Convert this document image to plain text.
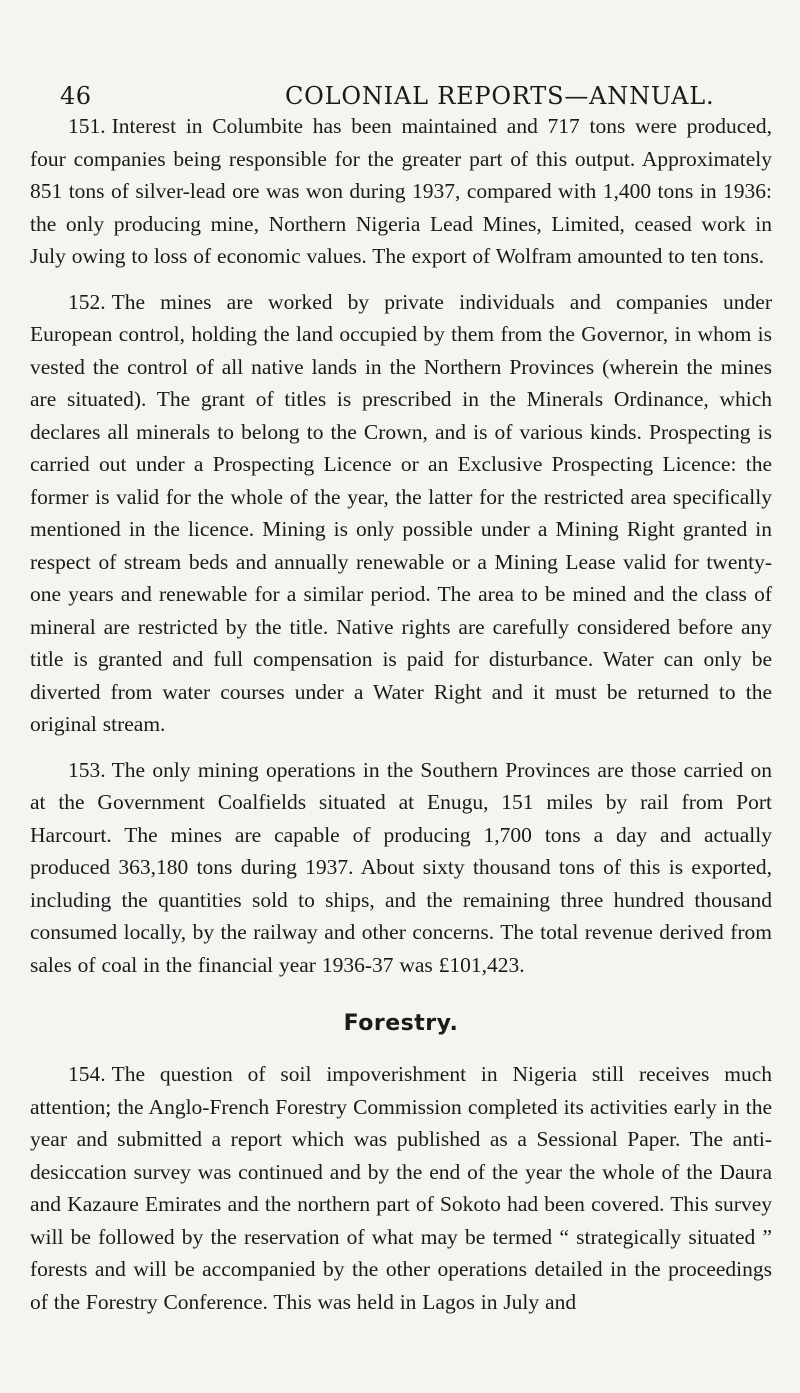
46	COLONIAL REPORTS—ANNUAL.

151. Interest in Columbite has been maintained and 717 tons were produced, four companies being responsible for the greater part of this output. Approximately 851 tons of silver-lead ore was won during 1937, compared with 1,400 tons in 1936: the only producing mine, Northern Nigeria Lead Mines, Limited, ceased work in July owing to loss of economic values. The export of Wolfram amounted to ten tons.

152. The mines are worked by private individuals and companies under European control, holding the land occupied by them from the Governor, in whom is vested the control of all native lands in the Northern Provinces (wherein the mines are situated). The grant of titles is prescribed in the Minerals Ordinance, which declares all minerals to belong to the Crown, and is of various kinds. Prospecting is carried out under a Prospecting Licence or an Exclusive Prospecting Licence: the former is valid for the whole of the year, the latter for the restricted area specifically mentioned in the licence. Mining is only possible under a Mining Right granted in respect of stream beds and annually renewable or a Mining Lease valid for twenty-one years and renewable for a similar period. The area to be mined and the class of mineral are restricted by the title. Native rights are carefully considered before any title is granted and full compensation is paid for disturbance. Water can only be diverted from water courses under a Water Right and it must be returned to the original stream.

153. The only mining operations in the Southern Provinces are those carried on at the Government Coalfields situated at Enugu, 151 miles by rail from Port Harcourt. The mines are capable of producing 1,700 tons a day and actually produced 363,180 tons during 1937. About sixty thousand tons of this is exported, including the quantities sold to ships, and the remaining three hundred thousand consumed locally, by the railway and other concerns. The total revenue derived from sales of coal in the financial year 1936-37 was £101,423.

Forestry.

154. The question of soil impoverishment in Nigeria still receives much attention; the Anglo-French Forestry Commission completed its activities early in the year and submitted a report which was published as a Sessional Paper. The anti-desiccation survey was continued and by the end of the year the whole of the Daura and Kazaure Emirates and the northern part of Sokoto had been covered. This survey will be followed by the reservation of what may be termed “ strategically situated ” forests and will be accompanied by the other operations detailed in the proceedings of the Forestry Conference. This was held in Lagos in July and
